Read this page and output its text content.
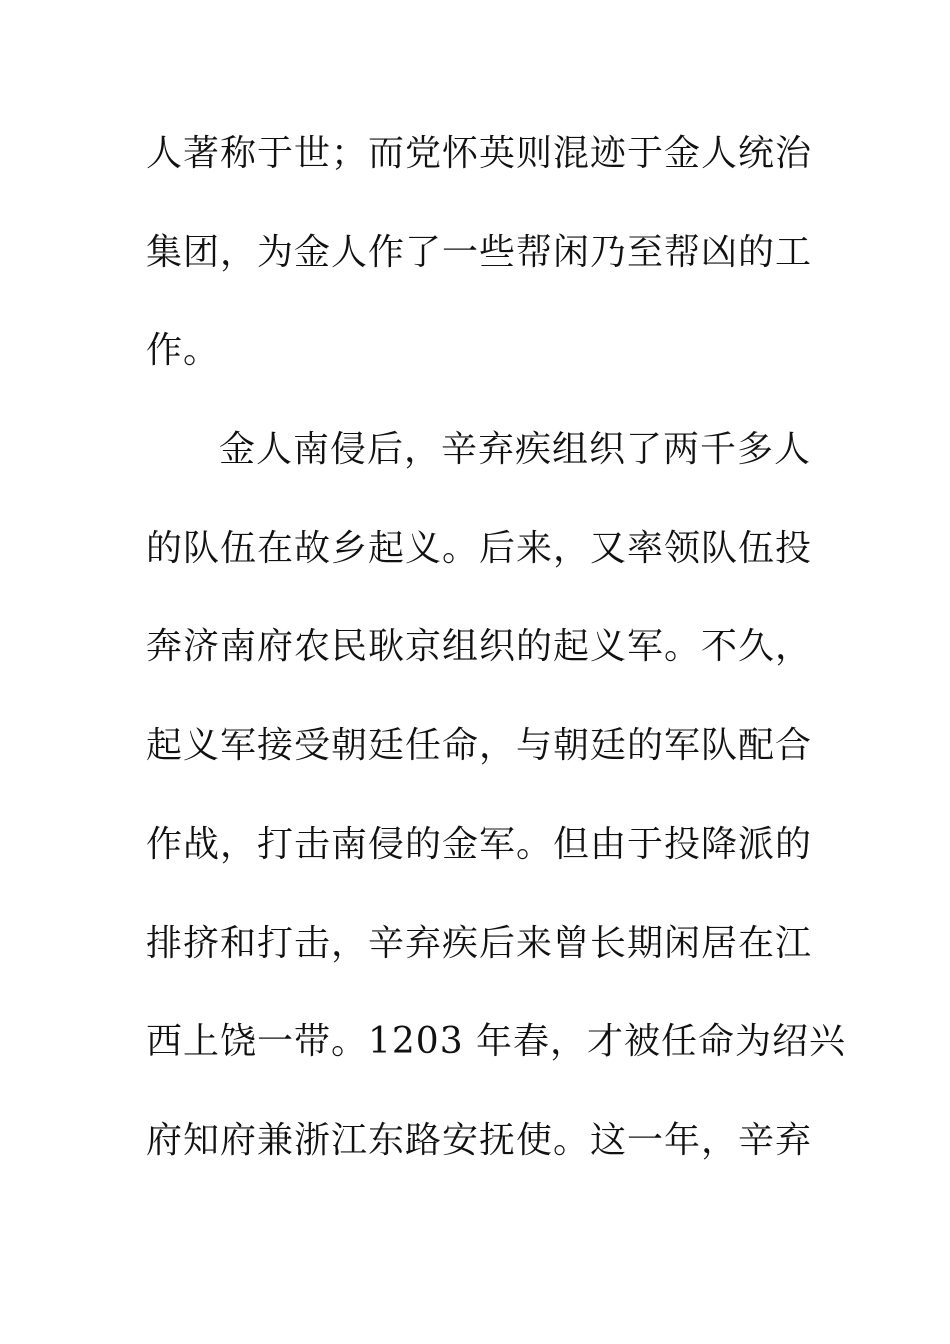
人著称于世；而党怀英则混迹于金人统治
集团，为金人作了一些帮闲乃至帮凶的工
作。
金人南侵后，辛弃疾组织了两千多人
的队伍在故乡起义。后来，又率领队伍投
奔济南府农民耿京组织的起义军。不久，
起义军接受朝廷任命，与朝廷的军队配合
作战，打击南侵的金军。但由于投降派的
排挤和打击，辛弃疾后来曾长期闲居在江
西上饶一带。1203 年春，才被任命为绍兴
府知府兼浙江东路安抚使。这一年，辛弃
